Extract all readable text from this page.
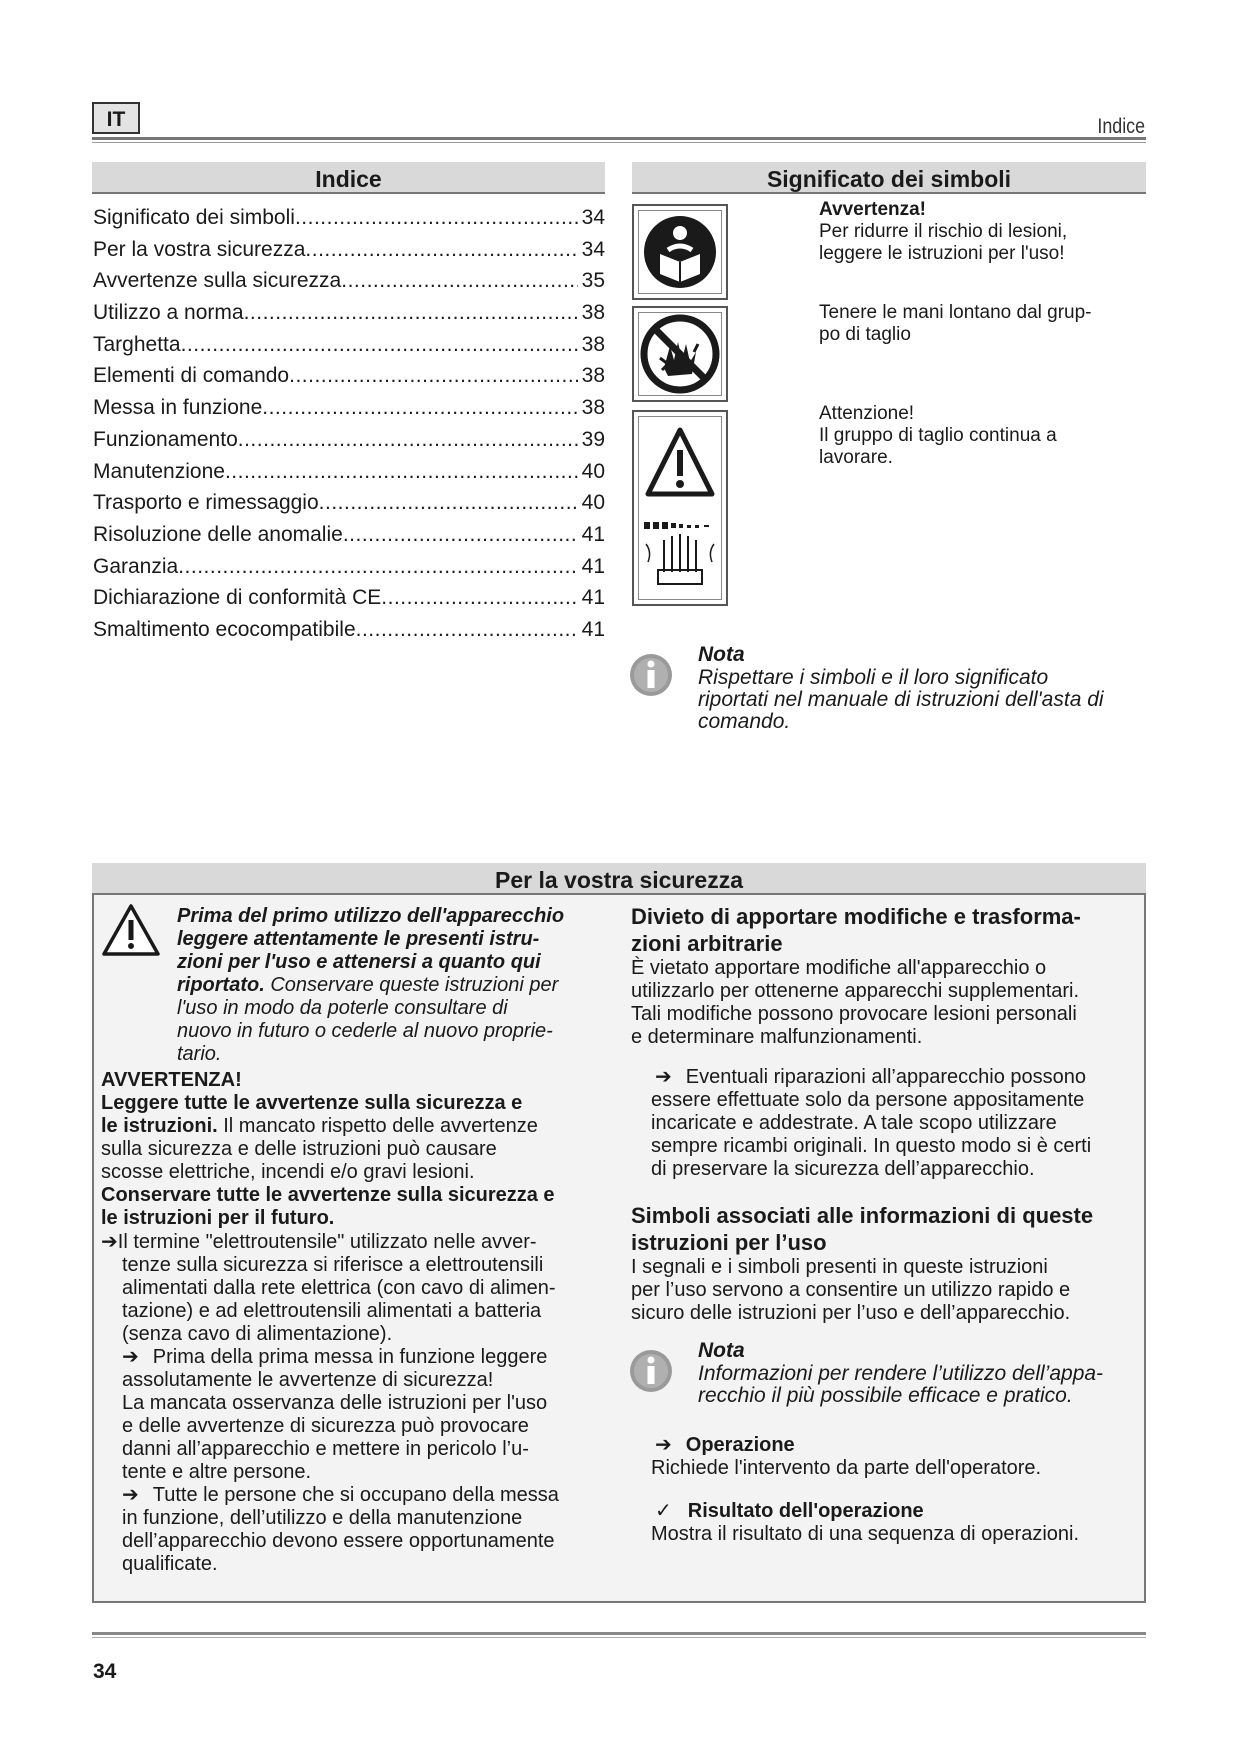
IT	Indice
Indice
Significato dei simboli .....	34
Per la vostra sicurezza .....	34
Avvertenze sulla sicurezza .....	35
Utilizzo a norma .....	38
Targhetta .....	38
Elementi di comando .....	38
Messa in funzione .....	38
Funzionamento .....	39
Manutenzione .....	40
Trasporto e rimessaggio .....	40
Risoluzione delle anomalie .....	41
Garanzia .....	41
Dichiarazione di conformità CE .....	41
Smaltimento ecocompatibile .....	41
Significato dei simboli
Avvertenza!
Per ridurre il rischio di lesioni,
leggere le istruzioni per l'uso!
Tenere le mani lontano dal grup-
po di taglio
Attenzione!
Il gruppo di taglio continua a
lavorare.
Nota
Rispettare i simboli e il loro significato
riportati nel manuale di istruzioni dell'asta di
comando.
Per la vostra sicurezza
Prima del primo utilizzo dell'apparecchio
leggere attentamente le presenti istru-
zioni per l'uso e attenersi a quanto qui
riportato. Conservare queste istruzioni per
l'uso in modo da poterle consultare di
nuovo in futuro o cederle al nuovo proprie-
tario.
AVVERTENZA!
Leggere tutte le avvertenze sulla sicurezza e
le istruzioni. Il mancato rispetto delle avvertenze
sulla sicurezza e delle istruzioni può causare
scosse elettriche, incendi e/o gravi lesioni.
Conservare tutte le avvertenze sulla sicurezza e
le istruzioni per il futuro.
➔Il termine "elettroutensile" utilizzato nelle avver-
tenze sulla sicurezza si riferisce a elettroutensili
alimentati dalla rete elettrica (con cavo di alimen-
tazione) e ad elettroutensili alimentati a batteria
(senza cavo di alimentazione).
➔ Prima della prima messa in funzione leggere
assolutamente le avvertenze di sicurezza!
La mancata osservanza delle istruzioni per l'uso
e delle avvertenze di sicurezza può provocare
danni all’apparecchio e mettere in pericolo l’u-
tente e altre persone.
➔ Tutte le persone che si occupano della messa
in funzione, dell’utilizzo e della manutenzione
dell’apparecchio devono essere opportunamente
qualificate.
Divieto di apportare modifiche e trasforma-
zioni arbitrarie
È vietato apportare modifiche all'apparecchio o
utilizzarlo per ottenerne apparecchi supplementari.
Tali modifiche possono provocare lesioni personali
e determinare malfunzionamenti.
➔ Eventuali riparazioni all’apparecchio possono
essere effettuate solo da persone appositamente
incaricate e addestrate. A tale scopo utilizzare
sempre ricambi originali. In questo modo si è certi
di preservare la sicurezza dell’apparecchio.
Simboli associati alle informazioni di queste
istruzioni per l’uso
I segnali e i simboli presenti in queste istruzioni
per l’uso servono a consentire un utilizzo rapido e
sicuro delle istruzioni per l’uso e dell’apparecchio.
Nota
Informazioni per rendere l’utilizzo dell’appa-
recchio il più possibile efficace e pratico.
➔ Operazione
Richiede l'intervento da parte dell'operatore.
✓ Risultato dell'operazione
Mostra il risultato di una sequenza di operazioni.
34
